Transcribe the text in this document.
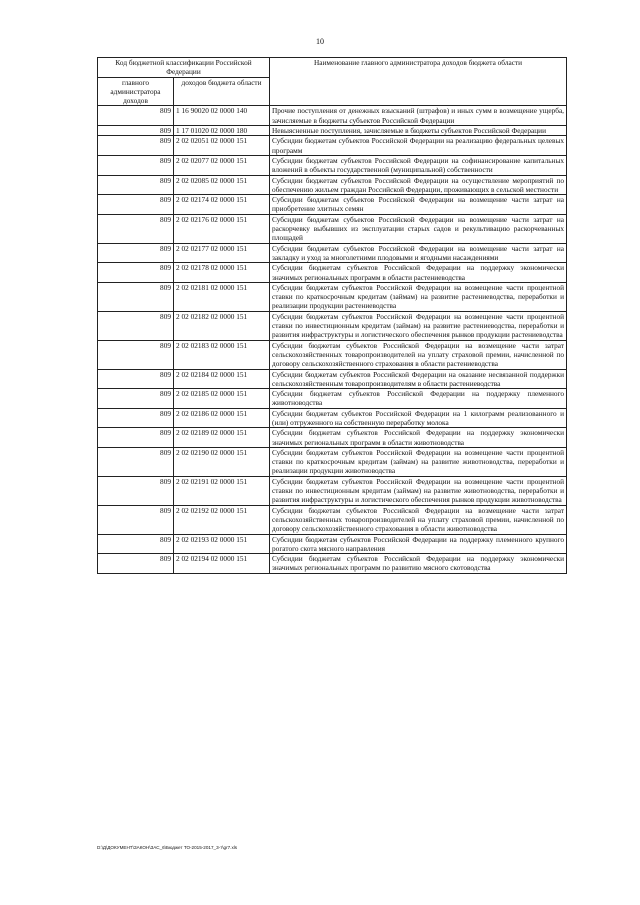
10
Код бюджетной классификации Российской Федерации		Наименование главного администратора доходов бюджета области
главного администратора доходов	доходов бюджета области	
809	1 16 90020 02 0000 140	Прочие поступления от денежных взысканий (штрафов) и иных сумм в возмещение ущерба, зачисляемые в бюджеты субъектов Российской Федерации
809	1 17 01020 02 0000 180	Невыясненные поступления, зачисляемые в бюджеты субъектов Российской Федерации
809	2 02 02051 02 0000 151	Субсидии бюджетам субъектов Российской Федерации на реализацию федеральных целевых программ
809	2 02 02077 02 0000 151	Субсидии бюджетам субъектов Российской Федерации на софинансирование капитальных вложений в объекты государственной (муниципальной) собственности
809	2 02 02085 02 0000 151	Субсидии бюджетам субъектов Российской Федерации на осуществление мероприятий по обеспечению жильем граждан Российской Федерации, проживающих в сельской местности
809	2 02 02174 02 0000 151	Субсидии бюджетам субъектов Российской Федерации на возмещение части затрат на приобретение элитных семян
809	2 02 02176 02 0000 151	Субсидии бюджетам субъектов Российской Федерации на возмещение части затрат на раскорчевку выбывших из эксплуатации старых садов и рекультивацию раскорчеванных площадей
809	2 02 02177 02 0000 151	Субсидии бюджетам субъектов Российской Федерации на возмещение части затрат на закладку и уход за многолетними плодовыми и ягодными насаждениями
809	2 02 02178 02 0000 151	Субсидии бюджетам субъектов Российской Федерации на поддержку экономически значимых региональных программ в области растениеводства
809	2 02 02181 02 0000 151	Субсидии бюджетам субъектов Российской Федерации на возмещение части процентной ставки по краткосрочным кредитам (займам) на развитие растениеводства, переработки и реализации продукции растениеводства
809	2 02 02182 02 0000 151	Субсидии бюджетам субъектов Российской Федерации на возмещение части процентной ставки по инвестиционным кредитам (займам) на развитие растениеводства, переработки и развития инфраструктуры и логистического обеспечения рынков продукции растениеводства
809	2 02 02183 02 0000 151	Субсидии бюджетам субъектов Российской Федерации на возмещение части затрат сельскохозяйственных товаропроизводителей на уплату страховой премии, начисленной по договору сельскохозяйственного страхования в области растениеводства
809	2 02 02184 02 0000 151	Субсидии бюджетам субъектов Российской Федерации на оказание несвязанной поддержки сельскохозяйственным товаропроизводителям в области растениеводства
809	2 02 02185 02 0000 151	Субсидии бюджетам субъектов Российской Федерации на поддержку племенного животноводства
809	2 02 02186 02 0000 151	Субсидии бюджетам субъектов Российской Федерации на 1 килограмм реализованного и (или) отгруженного на собственную переработку молока
809	2 02 02189 02 0000 151	Субсидии бюджетам субъектов Российской Федерации на поддержку экономически значимых региональных программ в области животноводства
809	2 02 02190 02 0000 151	Субсидии бюджетам субъектов Российской Федерации на возмещение части процентной ставки по краткосрочным кредитам (займам) на развитие животноводства, переработки и реализации продукции животноводства
809	2 02 02191 02 0000 151	Субсидии бюджетам субъектов Российской Федерации на возмещение части процентной ставки по инвестиционным кредитам (займам) на развитие животноводства, переработки и развития инфраструктуры и логистического обеспечения рынков продукции животноводства
809	2 02 02192 02 0000 151	Субсидии бюджетам субъектов Российской Федерации на возмещение части затрат сельскохозяйственных товаропроизводителей на уплату страховой премии, начисленной по договору сельскохозяйственного страхования в области животноводства
809	2 02 02193 02 0000 151	Субсидии бюджетам субъектов Российской Федерации на поддержку племенного крупного рогатого скота мясного направления
809	2 02 02194 02 0000 151	Субсидии бюджетам субъектов Российской Федерации на поддержку экономически значимых региональных программ по развитию мясного скотоводства
D:\Д\ДОКУМЕНТ\ЗАКОН\ЗАС_6\Бюджет ТО-2015-2017_3-т\gr7.xls
